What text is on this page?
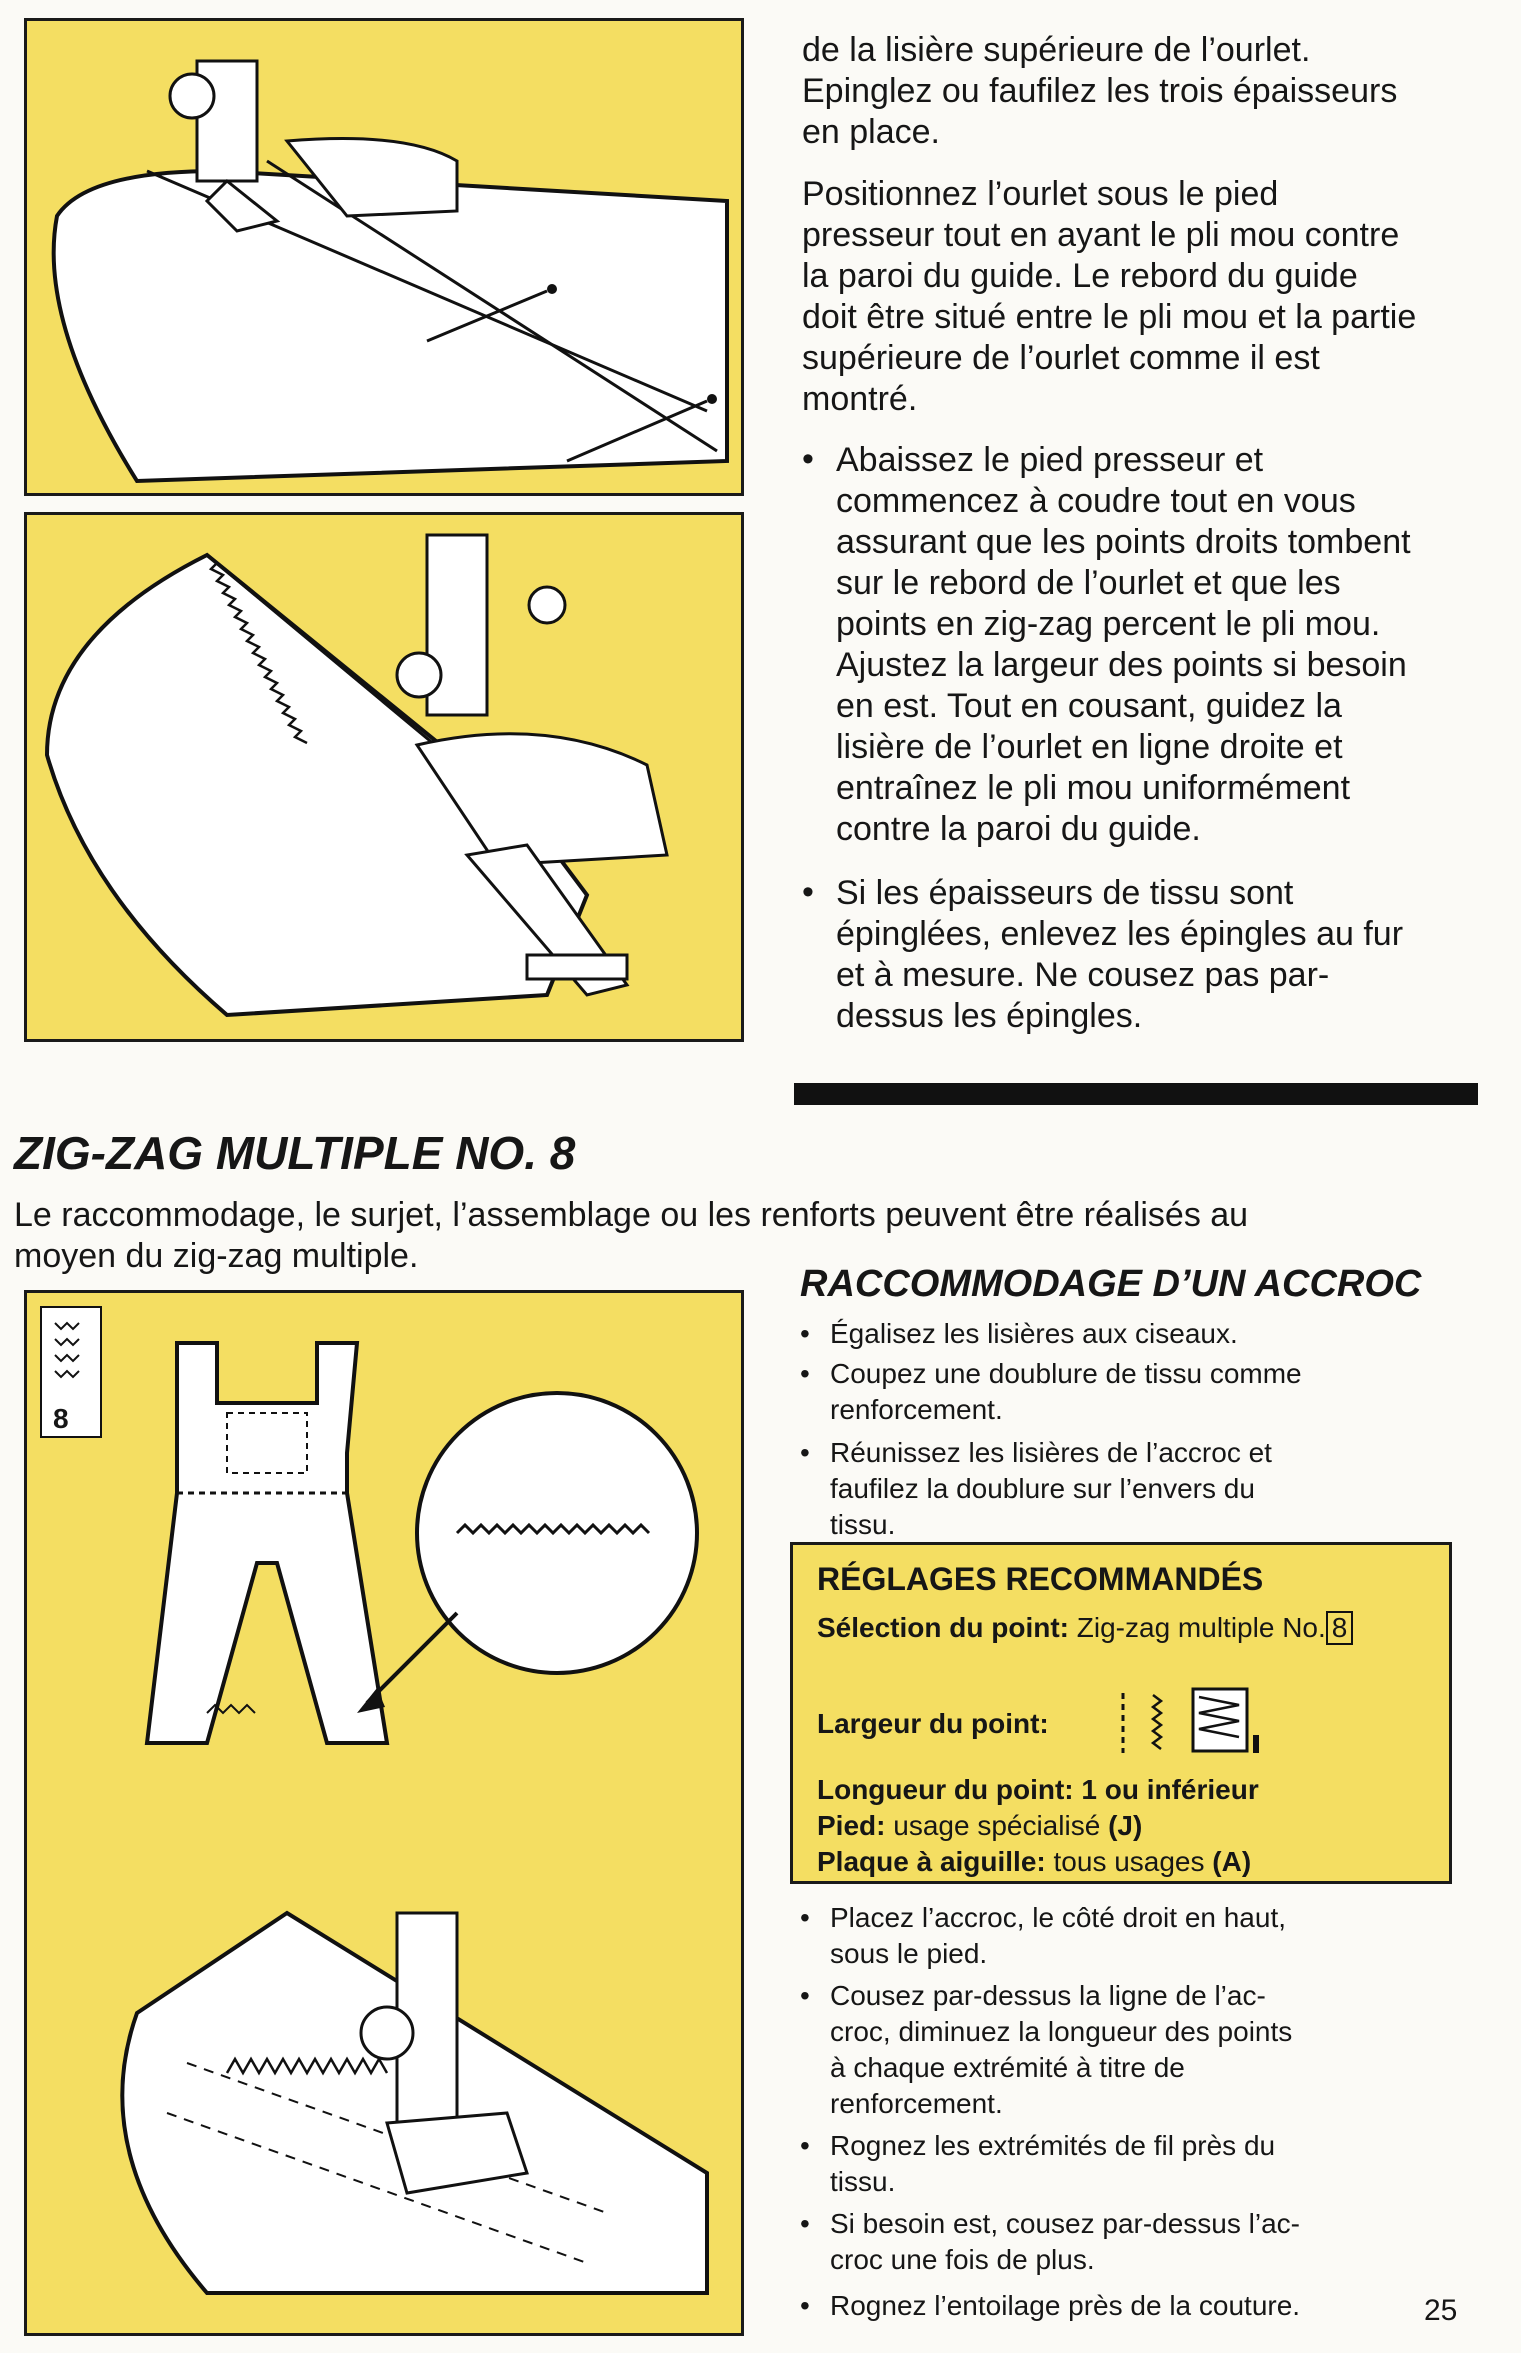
de la lisière supérieure de l’ourlet.

Epinglez ou faufilez les trois épaisseurs

en place.

Positionnez l’ourlet sous le pied

presseur tout en ayant le pli mou contre

la paroi du guide. Le rebord du guide

doit être situé entre le pli mou et la partie

supérieure de l’ourlet comme il est

montré.

• Abaissez le pied presseur et

commencez à coudre tout en vous

assurant que les points droits tombent

sur le rebord de l’ourlet et que les

points en zig-zag percent le pli mou.

Ajustez la largeur des points si besoin

en est. Tout en cousant, guidez la

lisière de l’ourlet en ligne droite et

entraînez le pli mou uniformément

contre la paroi du guide.

• Si les épaisseurs de tissu sont

épinglées, enlevez les épingles au fur

et à mesure. Ne cousez pas par-

dessus les épingles.

ZIG-ZAG MULTIPLE NO. 8

Le raccommodage, le surjet, l’assemblage ou les renforts peuvent être réalisés au

moyen du zig-zag multiple.

8
RACCOMMODAGE D’UN ACCROC
• Égalisez les lisières aux ciseaux.
• Coupez une doublure de tissu comme
renforcement.
• Réunissez les lisières de l’accroc et
faufilez la doublure sur l’envers du
tissu.
RÉGLAGES RECOMMANDÉS
Sélection du point: Zig-zag multiple No. 8
Largeur du point:
Longueur du point: 1 ou inférieur
Pied: usage spécialisé (J)
Plaque à aiguille: tous usages (A)
• Placez l’accroc, le côté droit en haut,
sous le pied.
• Cousez par-dessus la ligne de l’ac-
croc, diminuez la longueur des points
à chaque extrémité à titre de
renforcement.
• Rognez les extrémités de fil près du
tissu.
• Si besoin est, cousez par-dessus l’ac-
croc une fois de plus.
• Rognez l’entoilage près de la couture.	25
